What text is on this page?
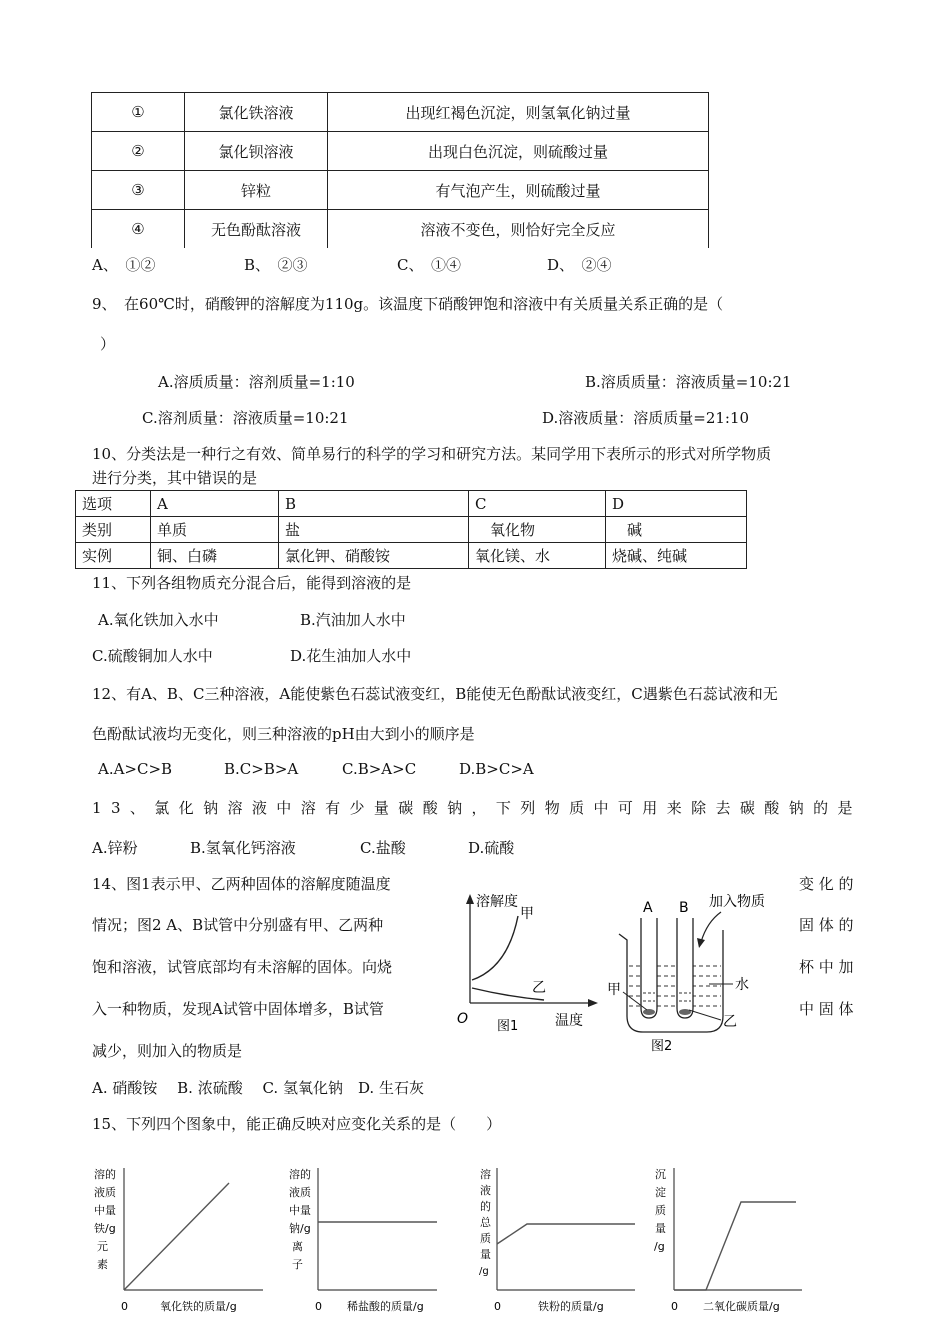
①	氯化铁溶液	出现红褐色沉淀，则氢氧化钠过量
②	氯化钡溶液	出现白色沉淀，则硫酸过量
③	锌粒	有气泡产生，则硫酸过量
④	无色酚酞溶液	溶液不变色，则恰好完全反应
A、　①②	B、　②③	C、　①④	D、　②④
9、　在60℃时，硝酸钾的溶解度为110g。该温度下硝酸钾饱和溶液中有关质量关系正确的是（
）
A.溶质质量：溶剂质量=1:10	B.溶质质量：溶液质量=10:21
C.溶剂质量：溶液质量=10:21	D.溶液质量：溶质质量=21:10
10、分类法是一种行之有效、简单易行的科学的学习和研究方法。某同学用下表所示的形式对所学物质
进行分类，其中错误的是
选项	A	B	C	D
类别	单质	盐	　氧化物	　碱
实例	铜、白磷	氯化钾、硝酸铵	氧化镁、水	烧碱、纯碱
11、下列各组物质充分混合后，能得到溶液的是
A.氧化铁加入水中	B.汽油加人水中
C.硫酸铜加人水中	D.花生油加人水中
12、有A、B、C三种溶液，A能使紫色石蕊试液变红，B能使无色酚酞试液变红，C遇紫色石蕊试液和无
色酚酞试液均无变化，则三种溶液的pH由大到小的顺序是
A.A>C>B	B.C>B>A	C.B>A>C	D.B>C>A
13、氯化钠溶液中溶有少量碳酸钠，下列物质中可用来除去碳酸钠的是
A.锌粉	B.氢氧化钙溶液	C.盐酸	D.硫酸
14、图1表示甲、乙两种固体的溶解度随温度
情况；图2 A、B试管中分别盛有甲、乙两种
饱和溶液，试管底部均有未溶解的固体。向烧
入一种物质，发现A试管中固体增多，B试管
减少，则加入的物质是
变 化 的
固 体 的
杯 中 加
中 固 体
A. 硝酸铵　 B. 浓硫酸　 C. 氢氧化钠　D. 生石灰
溶解度
甲
乙
O	温度
图1
A B 加入物质
水
甲
乙
图2
15、下列四个图象中，能正确反映对应变化关系的是（　　）
溶的
液质
中量
铁/g
元
素
0	氧化铁的质量/g
溶的
液质
中量
钠/g
离
子
0 稀盐酸的质量/g
溶
液
的
总
质
量
/g
0	铁粉的质量/g
沉
淀
质
量
/g
0 二氧化碳质量/g
